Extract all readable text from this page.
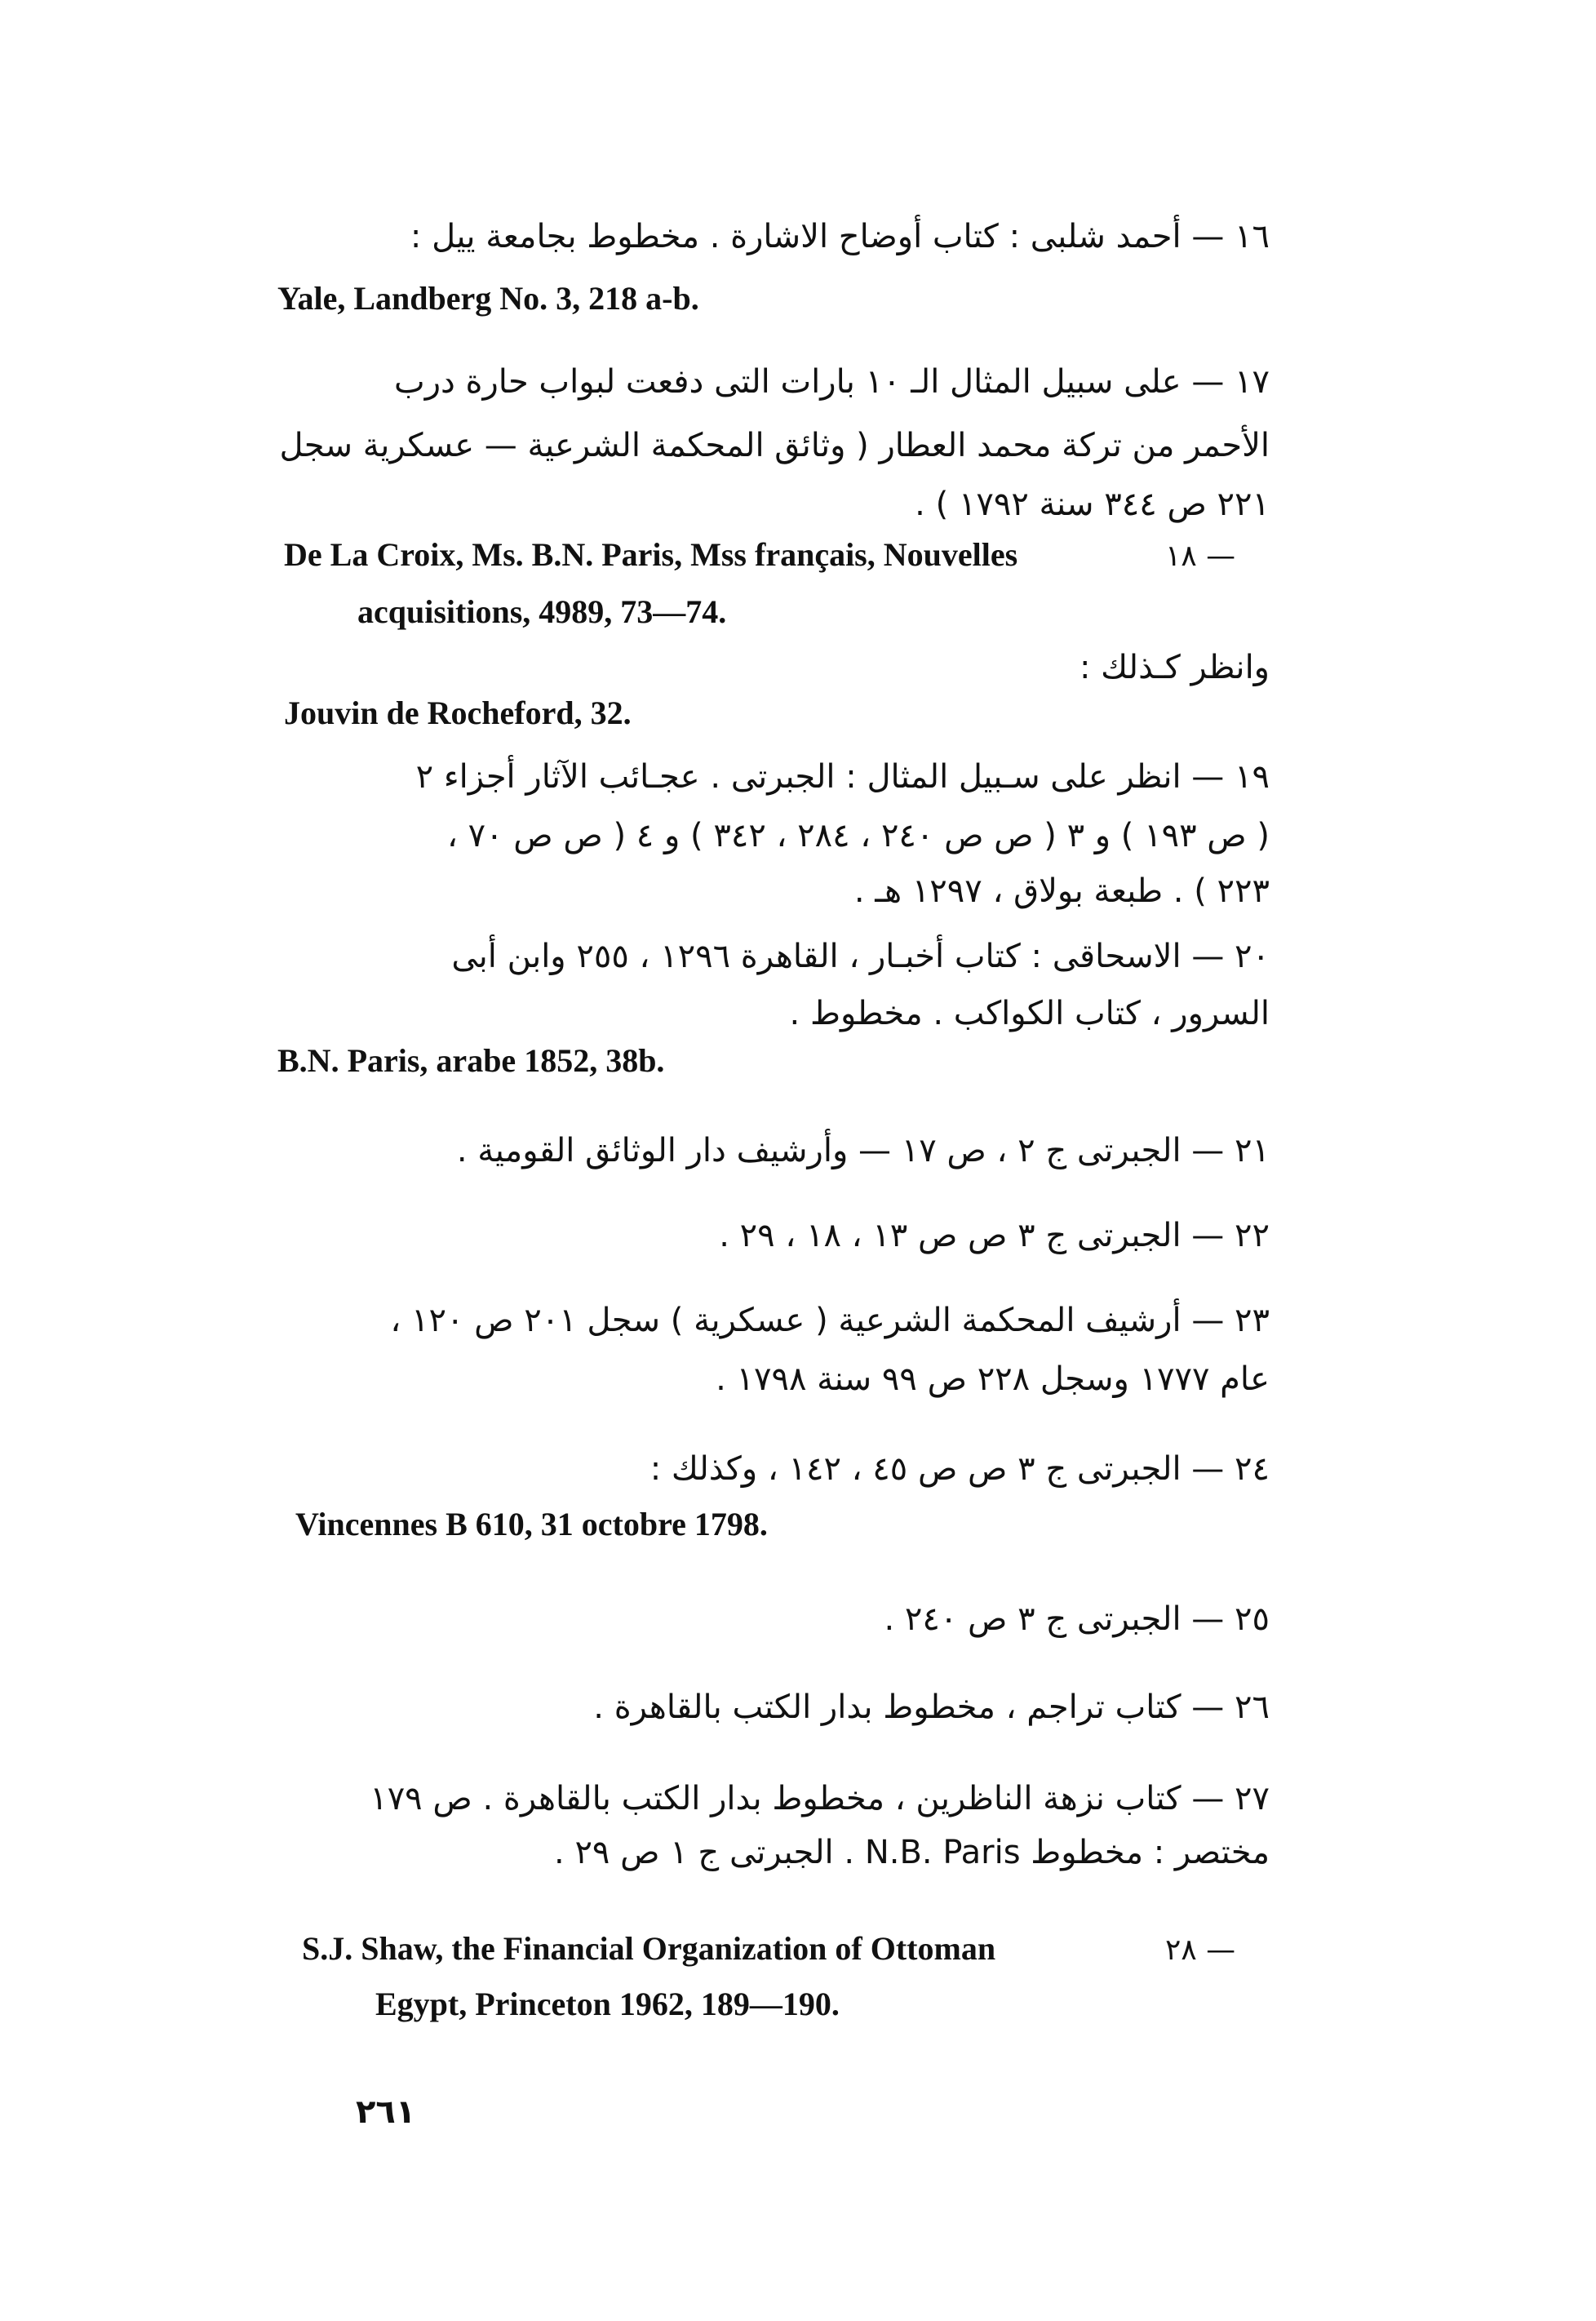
١٦ — أحمد شلبى : كتاب أوضاح الاشارة . مخطوط بجامعة ييل :
Yale, Landberg No. 3, 218 a-b.
١٧ — على سبيل المثال الـ ١٠ بارات التى دفعت لبواب حارة درب
الأحمر من تركة محمد العطار ( وثائق المحكمة الشرعية — عسكرية سجل
٢٢١ ص ٣٤٤ سنة ١٧٩٢ ) .
١٨ —
De La Croix, Ms. B.N. Paris, Mss français, Nouvelles
acquisitions, 4989, 73—74.
وانظر كـذلك :
Jouvin de Rocheford, 32.
١٩ — انظر على سـبيل المثال : الجبرتى . عجـائب الآثار أجزاء ٢
( ص ١٩٣ ) و ٣ ( ص ص ٢٤٠ ، ٢٨٤ ، ٣٤٢ ) و ٤ ( ص ص ٧٠ ،
٢٢٣ ) . طبعة بولاق ، ١٢٩٧ هـ .
٢٠ — الاسحاقى : كتاب أخبـار ، القاهرة ١٢٩٦ ، ٢٥٥ وابن أبى
السرور ، كتاب الكواكب . مخطوط .
B.N. Paris, arabe 1852, 38b.
٢١ — الجبرتى ج ٢ ، ص ١٧ — وأرشيف دار الوثائق القومية .
٢٢ — الجبرتى ج ٣ ص ص ١٣ ، ١٨ ، ٢٩ .
٢٣ — أرشيف المحكمة الشرعية ( عسكرية ) سجل ٢٠١ ص ١٢٠ ،
عام ١٧٧٧ وسجل ٢٢٨ ص ٩٩ سنة ١٧٩٨ .
٢٤ — الجبرتى ج ٣ ص ص ٤٥ ، ١٤٢ ، وكذلك :
Vincennes B 610, 31 octobre 1798.
٢٥ — الجبرتى ج ٣ ص ٢٤٠ .
٢٦ — كتاب تراجم ، مخطوط بدار الكتب بالقاهرة .
٢٧ — كتاب نزهة الناظرين ، مخطوط بدار الكتب بالقاهرة . ص ١٧٩
مختصر : مخطوط N.B. Paris . الجبرتى ج ١ ص ٢٩ .
٢٨ —
S.J. Shaw, the Financial Organization of Ottoman
Egypt, Princeton 1962, 189—190.
٢٦١
